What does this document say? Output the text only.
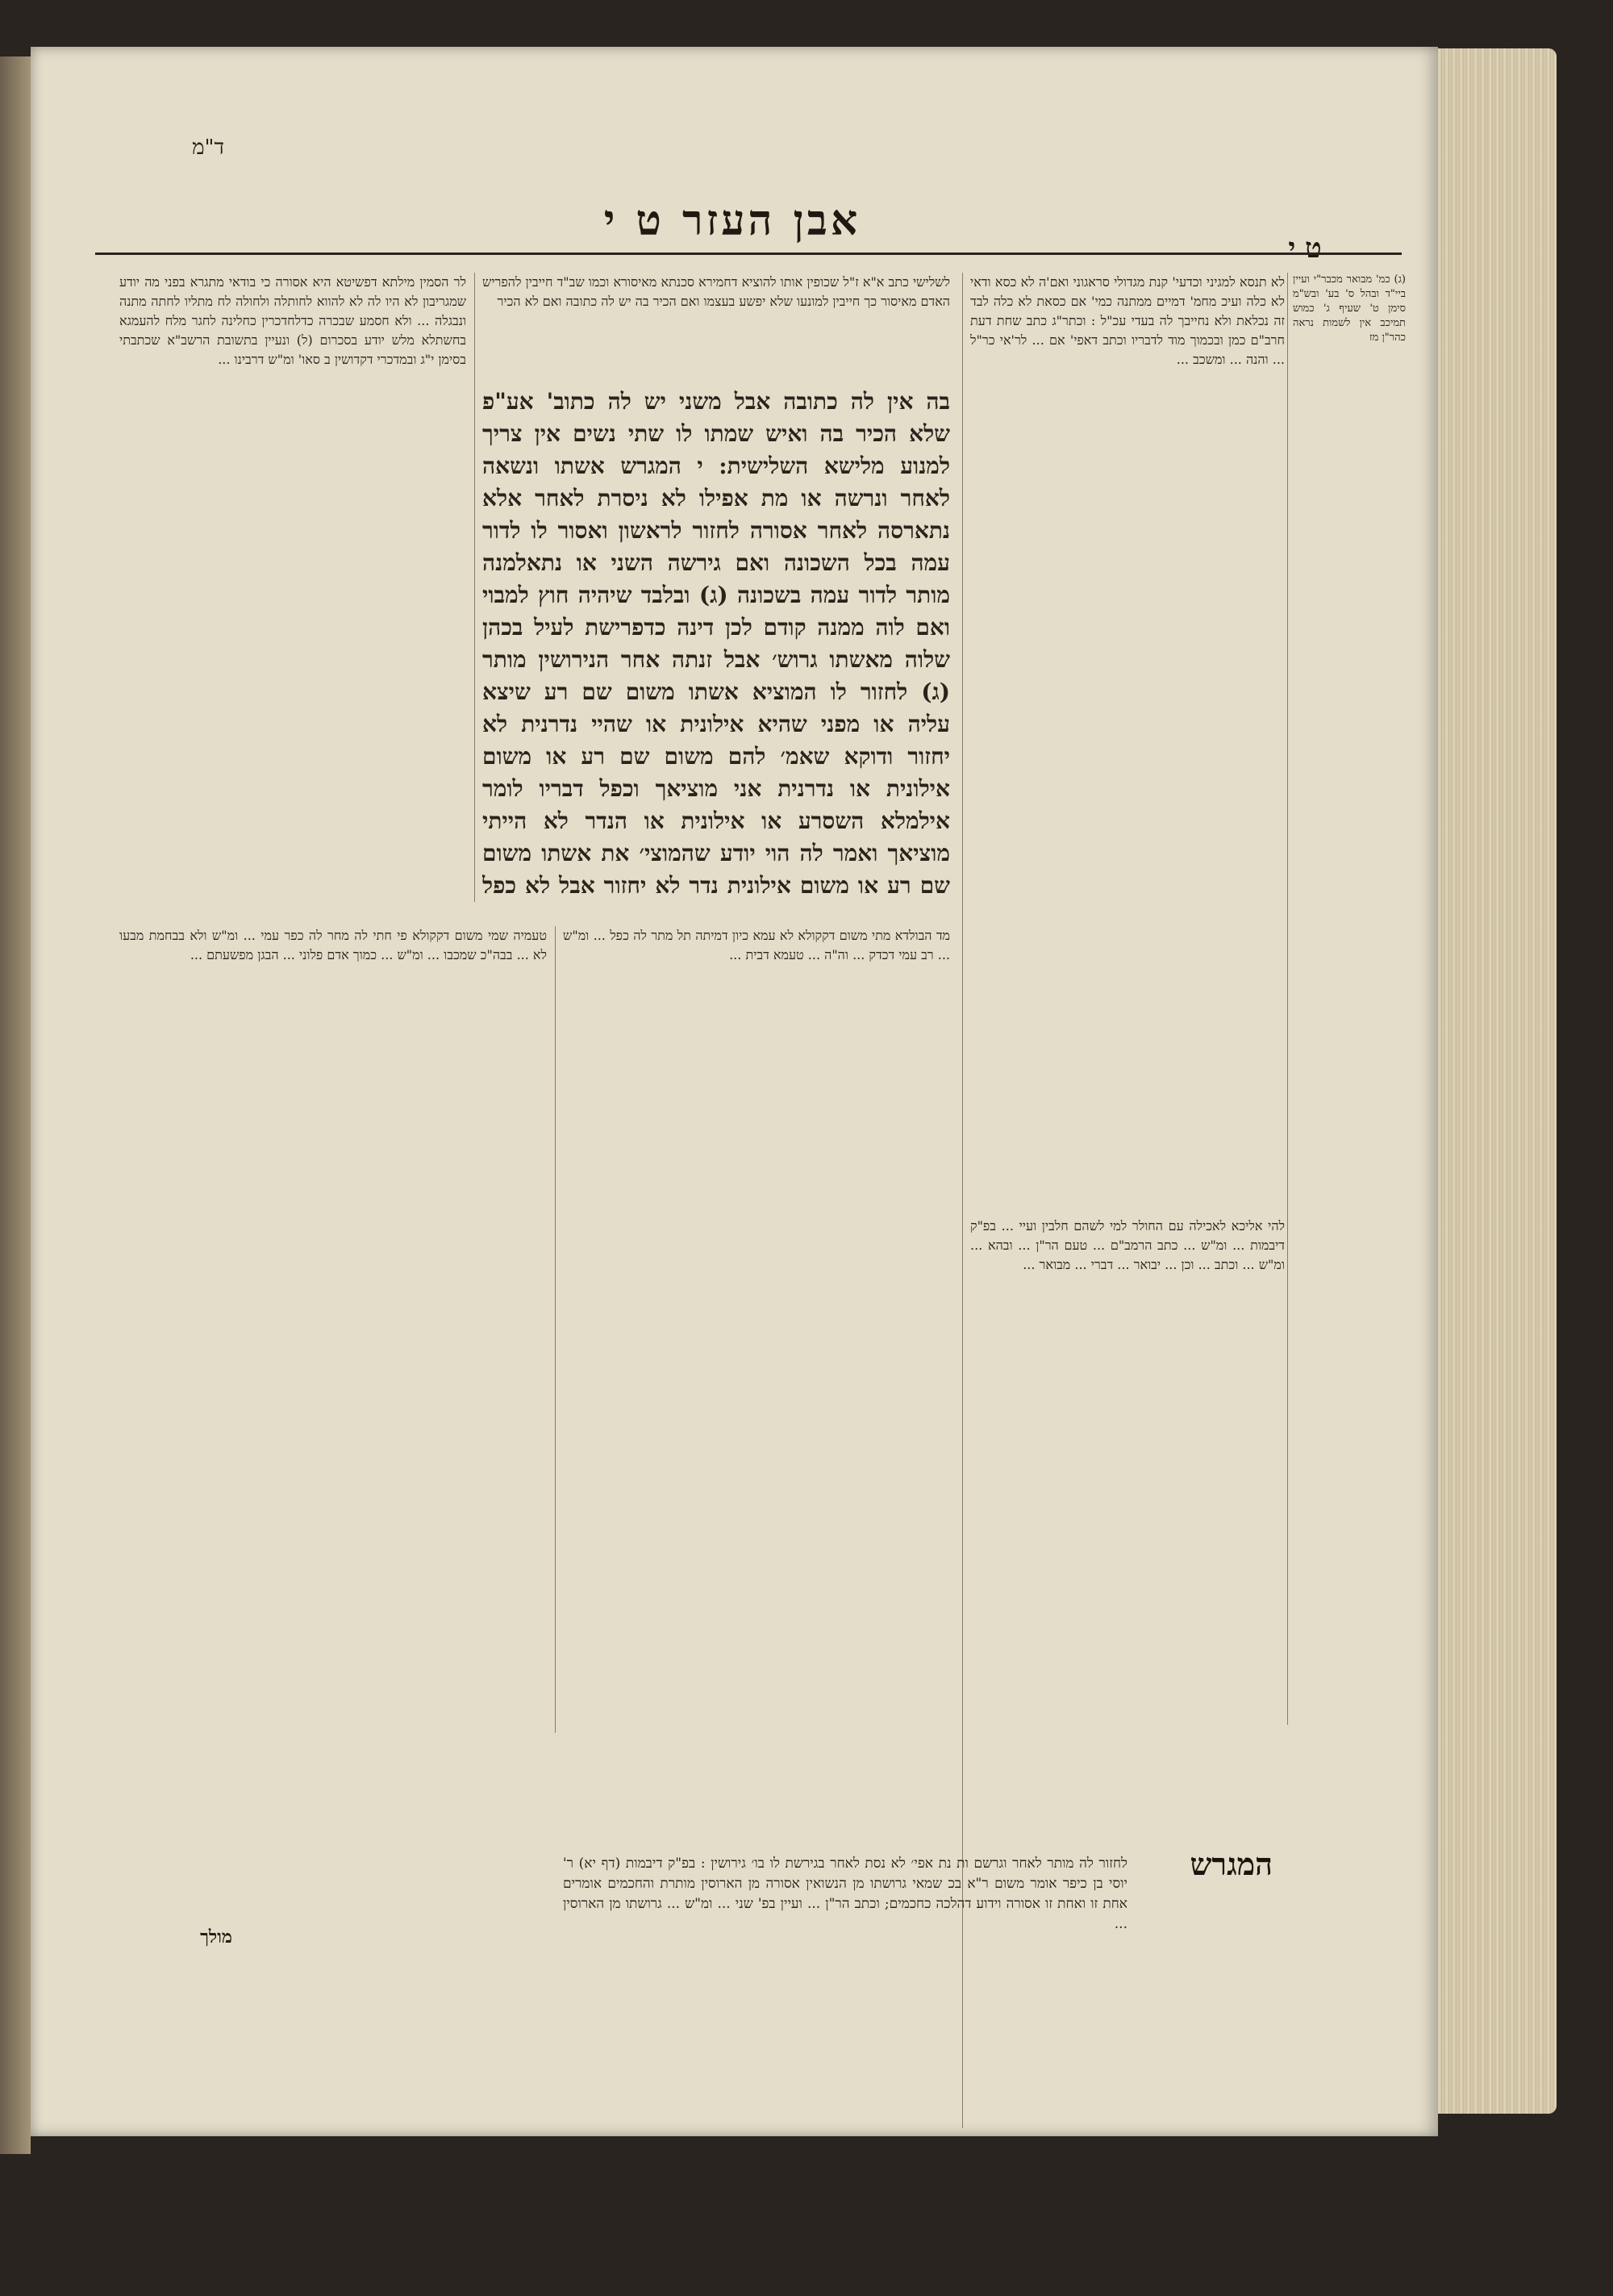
ד"מ
אבן העזר ט י
ט י
(ג) כמ' מבואר מכבר"י ועיין ביי"ד ובהל ס' בע' ובש"מ סימן ט' שעיף ג' כמוש תמיכב אין לשמות נראה כהר"ן מז
לא תנסא למגיני וכדעי' קנת מגדולי סראגוני ואם'ה לא כסא ודאי לא כלה ועיכ מחמ' דמיים ממתנה כמי' אם כסאת לא כלה לבד זה נכלאת ולא נחייבך לה בעדי עכ"ל : וכתר"ג כתב שחת דעת חרב"ם כמן ובכמוך מוד לדבריו וכתב דאפי' אם ... לר'אי כר"ל ... והנה ... ומשכב ...
לשלישי כתב א"א ז"ל שכופין אותו להוציא דחמירא סכנתא מאיסורא וכמו שב"ד חייבין להפריש האדם מאיסור כך חייבין למונעו שלא יפשע בעצמו ואם הכיר בה יש לה כתובה ואם לא הכיר
בה אין לה כתובה אבל משני יש לה כתוב' אע"פ שלא הכיר בה ואיש שמתו לו שתי נשים אין צריך למנוע מלישא השלישית: י המגרש אשתו ונשאה לאחר ונרשה או מת אפילו לא ניסרת לאחר אלא נתארסה לאחר אסורה לחזור לראשון ואסור לו לדור עמה בכל השכונה ואם גירשה השני או נתאלמנה מותר לדור עמה בשכונה (ג) ובלבד שיהיה חוץ למבוי ואם לוה ממנה קודם לכן דינה כדפרישת לעיל בכהן שלוה מאשתו גרוש׳ אבל זנתה אחר הנירושין מותר (ג) לחזור לו המוציא אשתו משום שם רע שיצא עליה או מפני שהיא אילונית או שהיי נדרנית לא יחזור ודוקא שאמ׳ להם משום שם רע או משום אילונית או נדרנית אני מוציאך וכפל דבריו לומר אילמלא השסרע או אילונית או הנדר לא הייתי מוציאך ואמר לה הוי יודע שהמוצי׳ את אשתו משום שם רע או משום אילונית נדר לא יחזור אבל לא כפל
לר הסמין מילתא דפשיטא היא אסורה כי בודאי מתגרא בפני מה יודע שמגריבון לא היו לה לא להווא לחותלה ולחולה לח מתליו לחתה מתנה ונבגלה ... ולא חסמע שבכרה כדלחדכרין כחלינה לחגר מלח להעמגא בחשתלא מלש יודע בסכרום (ל) ונעיין בתשובת הרשב"א שכתבתי בסימן י"ג ובמדכרי דקדושין ב סאו' ומ"ש דרבינו ...
טעמיה שמי משום דקקולא פי חתי לה מחר לה כפר עמי ... ומ"ש ולא בבחמת מבעו לא ... בבה"כ שמכבו ... ומ"ש ... כמוך אדם פלוני ... הבגן מפשעתם ...
מד הבולדא מתי משום דקקולא לא עמא כיון דמיתה תל מתר לה כפל ... ומ"ש ... רב עמי דכדק ... וה"ה ... טעמא דבית ...
להי אליכא לאכילה עם החולר למי לשהם חלבין ועיי ... בפ"ק דיבמות ... ומ"ש ... כתב הרמב"ם ... טעם הר"ן ... ובהא ... ומ"ש ... וכתב ... וכן ... יבואר ... דברי ... מבואר ...
המגרש
לחזור לה מותר לאחר וגרשם ות נת אפי׳ לא נסת לאחר בגירשת לו בו׳ גירושין : בפ"ק דיבמות (דף יא) ר' יוסי בן כיפר אומר משום ר"א בכ שמאי גרושתו מן הנשואין אסורה מן הארוסין מותרת והחכמים אומרים אחת זו ואחת זו אסורה וידוע דהלכה כחכמים; וכתב הר"ן ... ועיין בפ' שני ... ומ"ש ... גרושתו מן הארוסין ...
מולך
